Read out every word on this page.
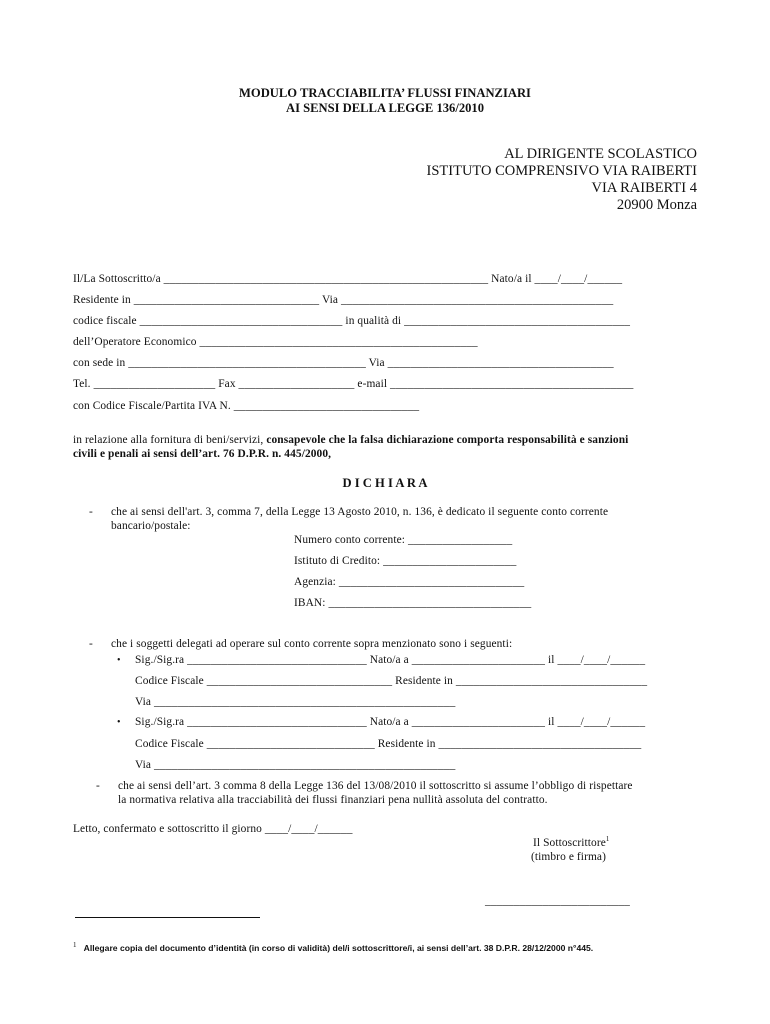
MODULO TRACCIABILITA’ FLUSSI FINANZIARI
AI SENSI DELLA LEGGE 136/2010
AL DIRIGENTE SCOLASTICO
ISTITUTO COMPRENSIVO VIA RAIBERTI
VIA RAIBERTI 4
20900 Monza
Il/La Sottoscritto/a ________________________________________________________ Nato/a il ____/____/______
Residente in ________________________________ Via _______________________________________________
codice fiscale ___________________________________ in qualità di _______________________________________
dell’Operatore Economico ________________________________________________
con sede in _________________________________________ Via _______________________________________
Tel. _____________________ Fax ____________________ e-mail __________________________________________
con Codice Fiscale/Partita IVA N. ________________________________
in relazione alla fornitura di beni/servizi, consapevole che la falsa dichiarazione comporta responsabilità e sanzioni
civili e penali ai sensi dell’art. 76 D.P.R. n. 445/2000,
D I C H I A R A
- che ai sensi dell'art. 3, comma 7, della Legge 13 Agosto 2010, n. 136, è dedicato il seguente conto corrente
bancario/postale:
Numero conto corrente: __________________
Istituto di Credito: _______________________
Agenzia: ________________________________
IBAN: ___________________________________
- che i soggetti delegati ad operare sul conto corrente sopra menzionato sono i seguenti:
• Sig./Sig.ra _______________________________ Nato/a a _______________________ il ____/____/______
Codice Fiscale ________________________________ Residente in _________________________________
Via ____________________________________________________
• Sig./Sig.ra _______________________________ Nato/a a _______________________ il ____/____/______
Codice Fiscale _____________________________ Residente in ___________________________________
Via ____________________________________________________
- che ai sensi dell’art. 3 comma 8 della Legge 136 del 13/08/2010 il sottoscritto si assume l’obbligo di rispettare
la normativa relativa alla tracciabilità dei flussi finanziari pena nullità assoluta del contratto.
Letto, confermato e sottoscritto il giorno ____/____/______
Il Sottoscrittore$^1$
(timbro e firma)
_________________________
$^1$ Allegare copia del documento d’identità (in corso di validità) del/i sottoscrittore/i, ai sensi dell’art. 38 D.P.R. 28/12/2000 n°445.
